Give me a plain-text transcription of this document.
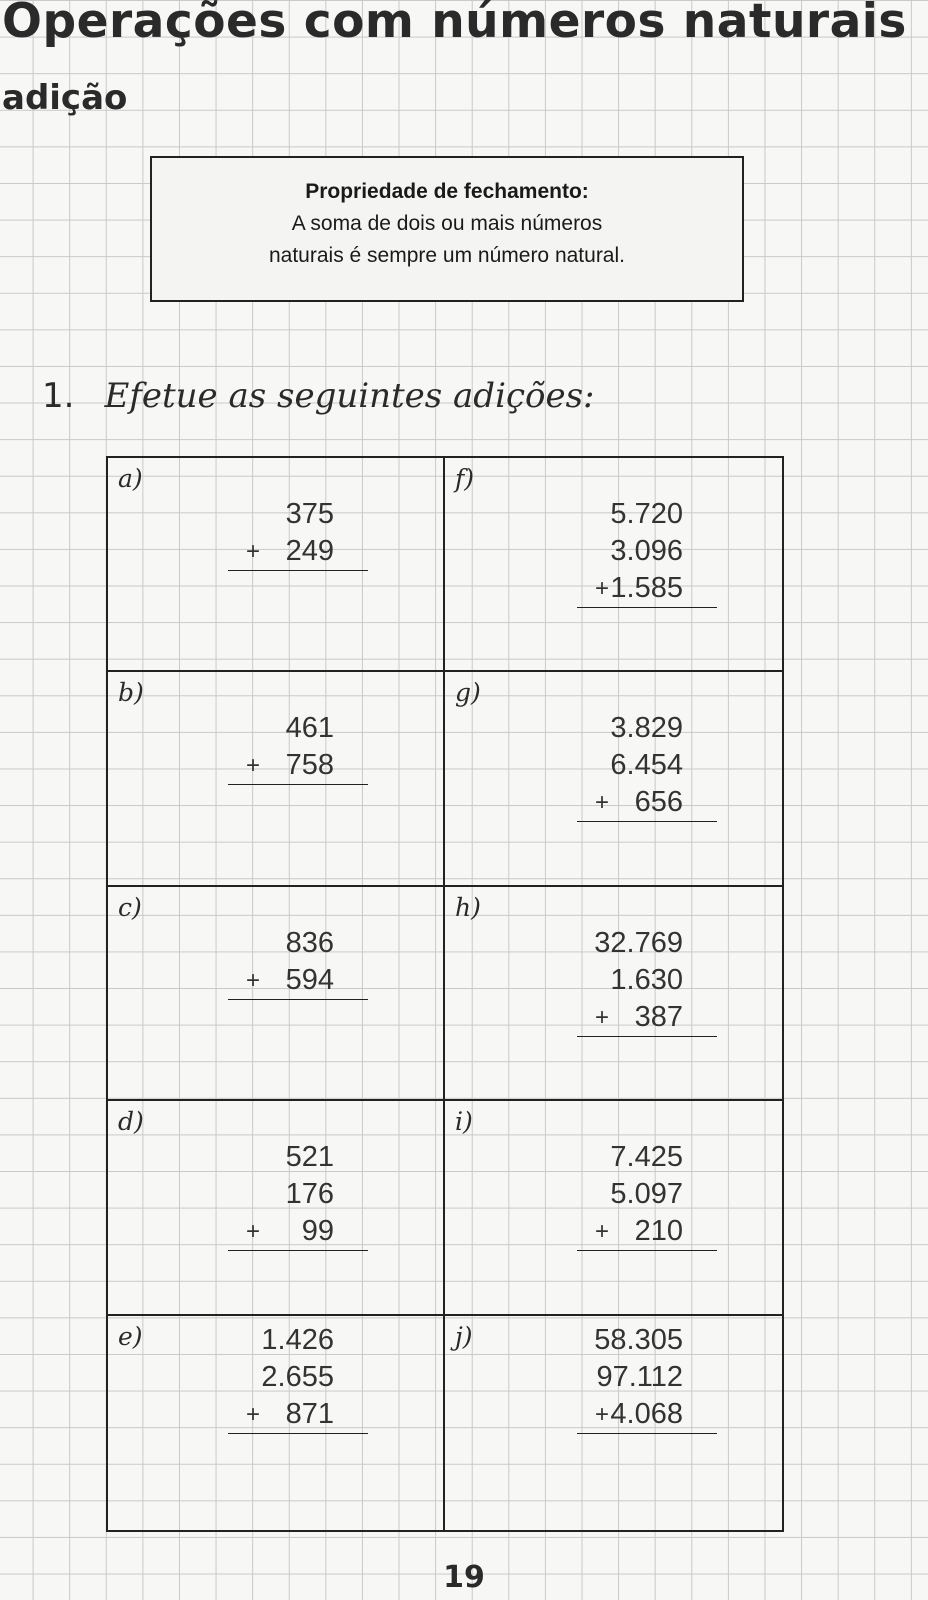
Operações com números naturais
adição
Propriedade de fechamento:
A soma de dois ou mais números
naturais é sempre um número natural.

1. Efetue as seguintes adições:

a)
375
+ 249
f)
5.720
3.096
+ 1.585
b)
461
+ 758
g)
3.829
6.454
+ 656
c)
836
+ 594
h)
32.769
1.630
+ 387
d)
521
176
+ 99
i)
7.425
5.097
+ 210
e)	1.426
2.655
+ 871
j)	58.305
97.112
+ 4.068
19
